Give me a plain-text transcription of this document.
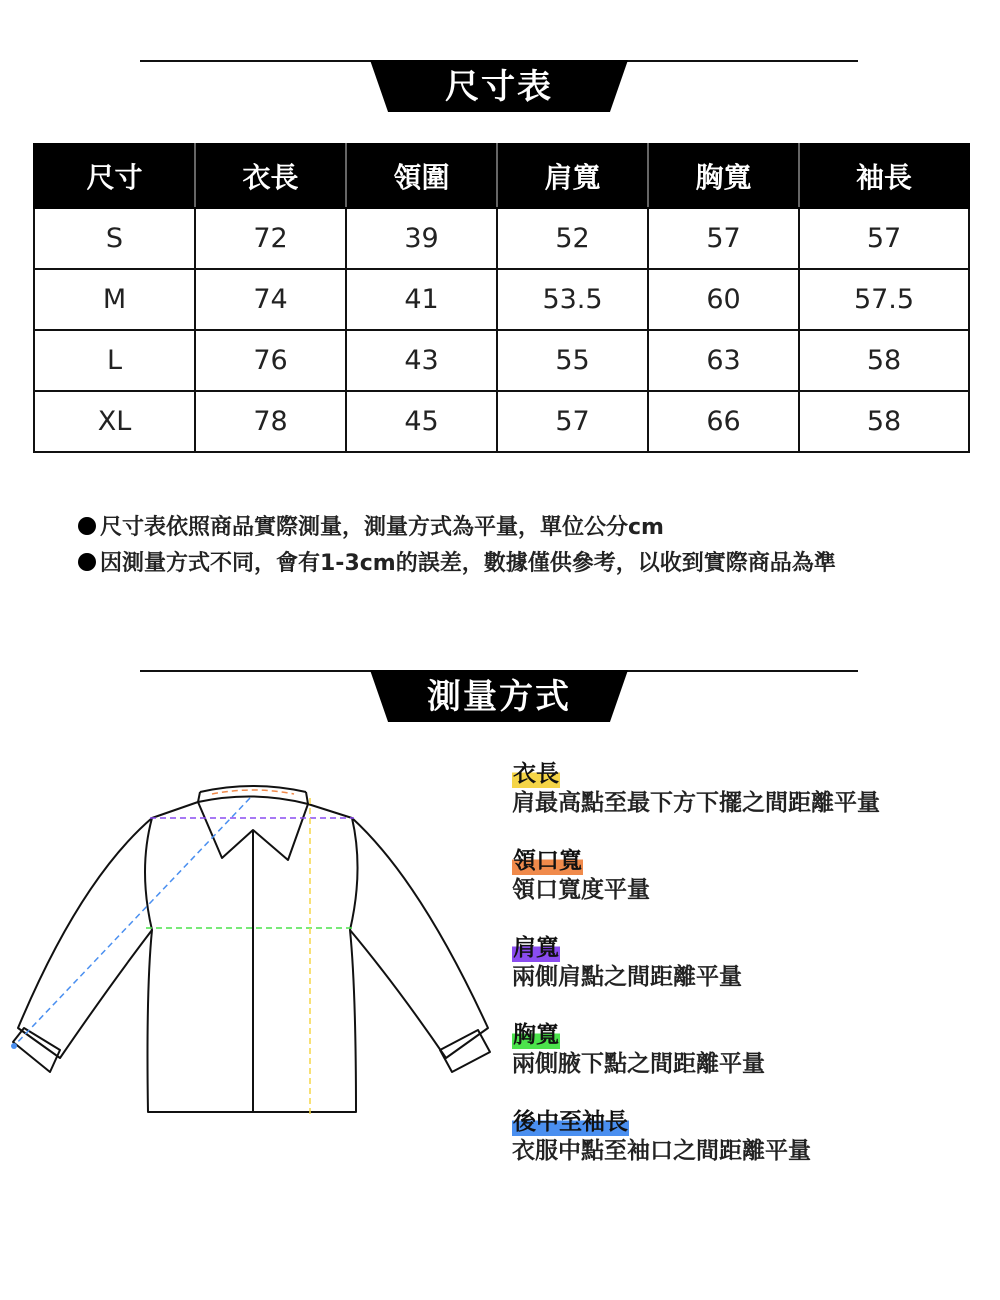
尺寸表
尺寸	衣長	領圍	肩寬	胸寬	袖長
S	72	39	52	57	57
M	74	41	53.5	60	57.5
L	76	43	55	63	58
XL	78	45	57	66	58
尺寸表依照商品實際測量，測量方式為平量，單位公分cm
因測量方式不同，會有1-3cm的誤差，數據僅供參考，以收到實際商品為準
測量方式
衣長
肩最高點至最下方下擺之間距離平量
領口寬
領口寬度平量
肩寬
兩側肩點之間距離平量
胸寬
兩側腋下點之間距離平量
後中至袖長
衣服中點至袖口之間距離平量
